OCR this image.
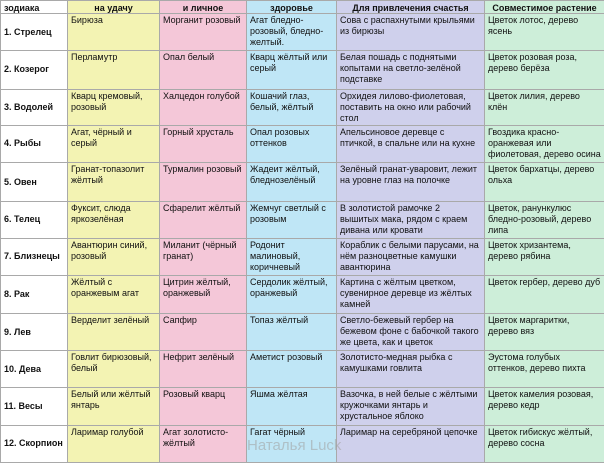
зодиака	на удачу	и личное	здоровье	Для привлечения счастья	Совместимое растение
1. Стрелец	Бирюза	Морганит розовый	Агат бледно-розовый, бледно-желтый.	Сова с распахнутыми крыльями из бирюзы	Цветок лотос, дерево ясень
2. Козерог	Перламутр	Опал белый	Кварц жёлтый или серый	Белая пошадь с поднятыми копытами на светло-зелёной подставке	Цветок розовая роза, дерево берёза
3. Водолей	Кварц кремовый, розовый	Халцедон голубой	Кошачий глаз, белый, жёлтый	Орхидея лилово-фиолетовая, поставить на окно или рабочий стол	Цветок лилия, дерево клён
4. Рыбы	Агат, чёрный и серый	Горный хрусталь	Опал розовых оттенков	Апельсиновое деревце с птичкой, в спальне или на кухне	Гвоздика красно-оранжевая или фиолетовая, дерево осина
5. Овен	Гранат-топазолит жёлтый	Турмалин розовый	Жадеит жёлтый, бледнозелёный	Зелёный гранат-уваровит, лежит на уровне глаз на полочке	Цветок бархатцы, дерево ольха
6. Телец	Фуксит, слюда яркозелёная	Сфарелит жёлтый	Жемчуг светлый с розовым	В золотистой рамочке 2 вышитых мака, рядом с краем дивана или кровати	Цветок, ранункулюс бледно-розовый, дерево липа
7. Близнецы	Авантюрин синий, розовый	Миланит (чёрный гранат)	Родонит малиновый, коричневый	Кораблик с белыми парусами, на нём разноцветные камушки авантюрина	Цветок хризантема, дерево рябина
8. Рак	Жёлтый с оранжевым агат	Цитрин жёлтый, оранжевый	Сердолик жёлтый, оранжевый	Картина с жёлтым цветком, сувенирное деревце из жёлтых камней	Цветок гербер, дерево дуб
9. Лев	Верделит зелёный	Сапфир	Топаз жёлтый	Светло-бежевый гербер на бежевом фоне с бабочкой такого же цвета, как и цветок	Цветок маргаритки, дерево вяз
10. Дева	Говлит бирюзовый, белый	Нефрит зелёный	Аметист розовый	Золотисто-медная рыбка с камушками говлита	Эустома голубых оттенков, дерево пихта
11. Весы	Белый или жёлтый янтарь	Розовый кварц	Яшма жёлтая	Вазочка, в ней белые с жёлтыми кружочками янтарь и хрустальное яблоко	Цветок камелия розовая, дерево кедр
12. Скорпион	Ларимар голубой	Агат золотисто-жёлтый	Гагат чёрный	Ларимар на серебряной цепочке	Цветок гибискус жёлтый, дерево сосна
Наталья Luck
